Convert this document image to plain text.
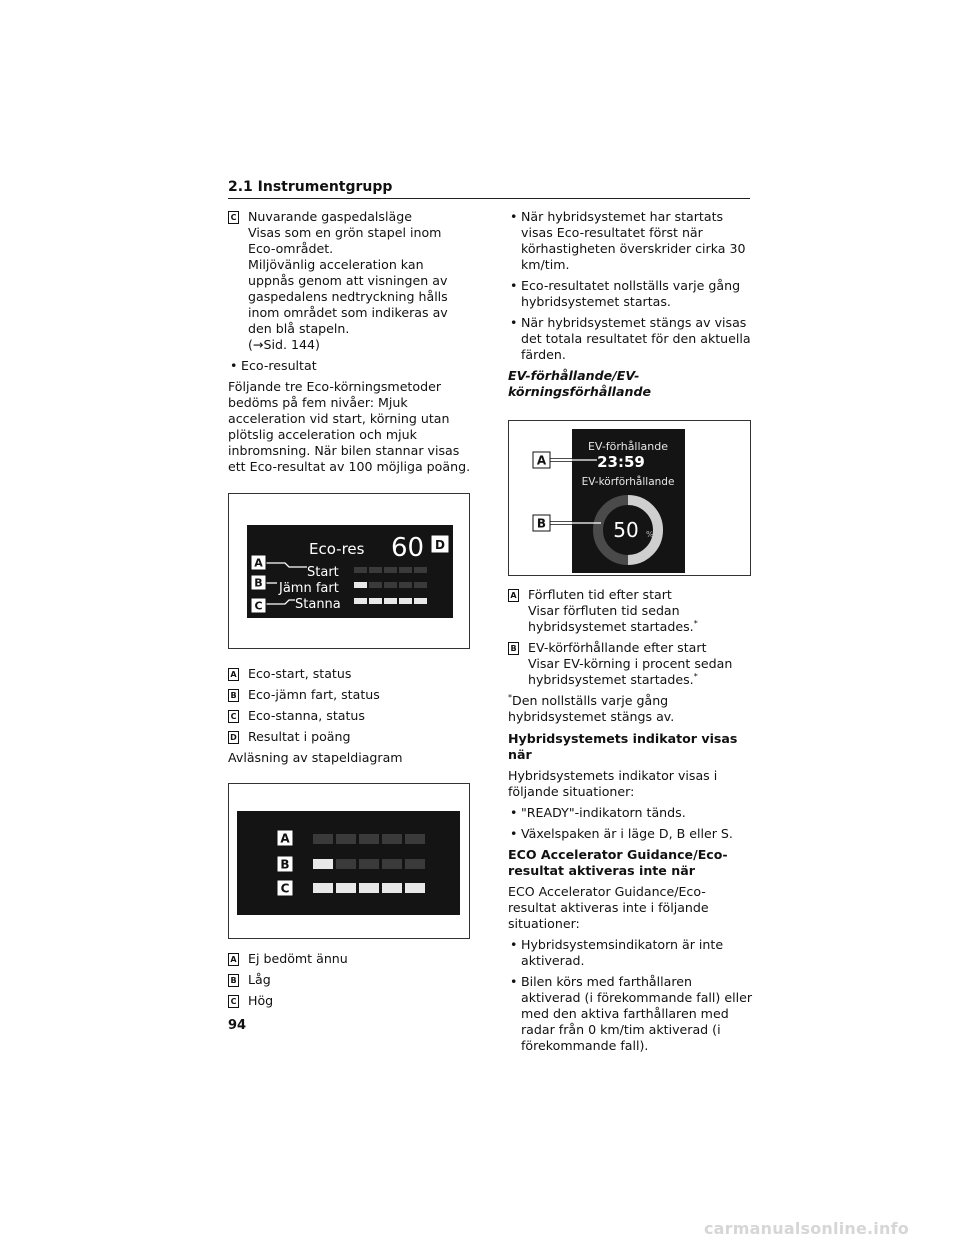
2.1 Instrumentgrupp
C Nuvarande gaspedalsläge

Visas som en grön stapel inom Eco-området.

Miljövänlig acceleration kan uppnås genom att visningen av gaspedalens nedtryckning hålls inom området som indikeras av den blå stapeln.

(→Sid. 144)

• Eco-resultat

Följande tre Eco-körningsmetoder bedöms på fem nivåer: Mjuk acceleration vid start, körning utan plötslig acceleration och mjuk inbromsning. När bilen stannar visas ett Eco-resultat av 100 möjliga poäng.

Eco-res 60
Start
Jämn fart
Stanna
A
B
C
D
A Eco-start, status

B Eco-jämn fart, status

C Eco-stanna, status

D Resultat i poäng

Avläsning av stapeldiagram

A
B
C
A Ej bedömt ännu

B Låg

C Hög

• När hybridsystemet har startats visas Eco-resultatet först när körhastigheten överskrider cirka 30 km/tim.
• Eco-resultatet nollställs varje gång hybridsystemet startas.
• När hybridsystemet stängs av visas det totala resultatet för den aktuella färden.

EV-förhållande/EV-körningsförhållande

EV-förhållande
23:59
EV-körförhållande
50 %
A
B
A Förfluten tid efter start

Visar förfluten tid sedan hybridsystemet startades.*

B EV-körförhållande efter start

Visar EV-körning i procent sedan hybridsystemet startades.*

*Den nollställs varje gång hybridsystemet stängs av.

Hybridsystemets indikator visas när

Hybridsystemets indikator visas i följande situationer:

• "READY"-indikatorn tänds.
• Växelspaken är i läge D, B eller S.

ECO Accelerator Guidance/Eco-resultat aktiveras inte när

ECO Accelerator Guidance/Eco-resultat aktiveras inte i följande situationer:

• Hybridsystemsindikatorn är inte aktiverad.
• Bilen körs med farthållaren aktiverad (i förekommande fall) eller med den aktiva farthållaren med radar från 0 km/tim aktiverad (i förekommande fall).
94
carmanualsonline.info
